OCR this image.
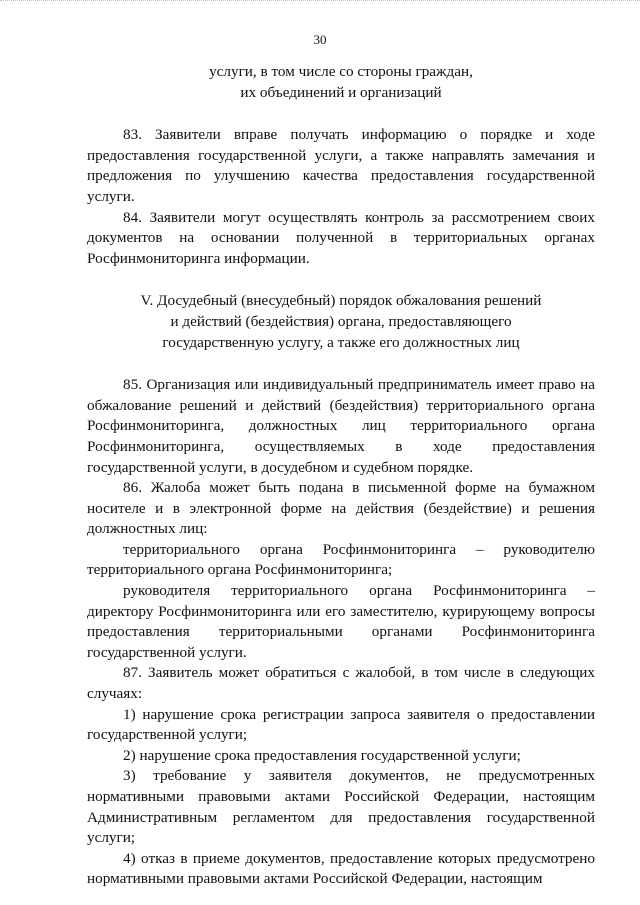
30
услуги, в том числе со стороны граждан,
их объединений и организаций

83. Заявители вправе получать информацию о порядке и ходе предоставления государственной услуги, а также направлять замечания и предложения по улучшению качества предоставления государственной услуги.

84. Заявители могут осуществлять контроль за рассмотрением своих документов на основании полученной в территориальных органах Росфинмониторинга информации.

V. Досудебный (внесудебный) порядок обжалования решений
и действий (бездействия) органа, предоставляющего
государственную услугу, а также его должностных лиц

85. Организация или индивидуальный предприниматель имеет право на обжалование решений и действий (бездействия) территориального органа Росфинмониторинга, должностных лиц территориального органа Росфинмониторинга, осуществляемых в ходе предоставления государственной услуги, в досудебном и судебном порядке.

86. Жалоба может быть подана в письменной форме на бумажном носителе и в электронной форме на действия (бездействие) и решения должностных лиц:

территориального органа Росфинмониторинга – руководителю территориального органа Росфинмониторинга;

руководителя территориального органа Росфинмониторинга – директору Росфинмониторинга или его заместителю, курирующему вопросы предоставления территориальными органами Росфинмониторинга государственной услуги.

87. Заявитель может обратиться с жалобой, в том числе в следующих случаях:

1) нарушение срока регистрации запроса заявителя о предоставлении государственной услуги;

2) нарушение срока предоставления государственной услуги;

3) требование у заявителя документов, не предусмотренных нормативными правовыми актами Российской Федерации, настоящим Административным регламентом для предоставления государственной услуги;

4) отказ в приеме документов, предоставление которых предусмотрено нормативными правовыми актами Российской Федерации, настоящим
